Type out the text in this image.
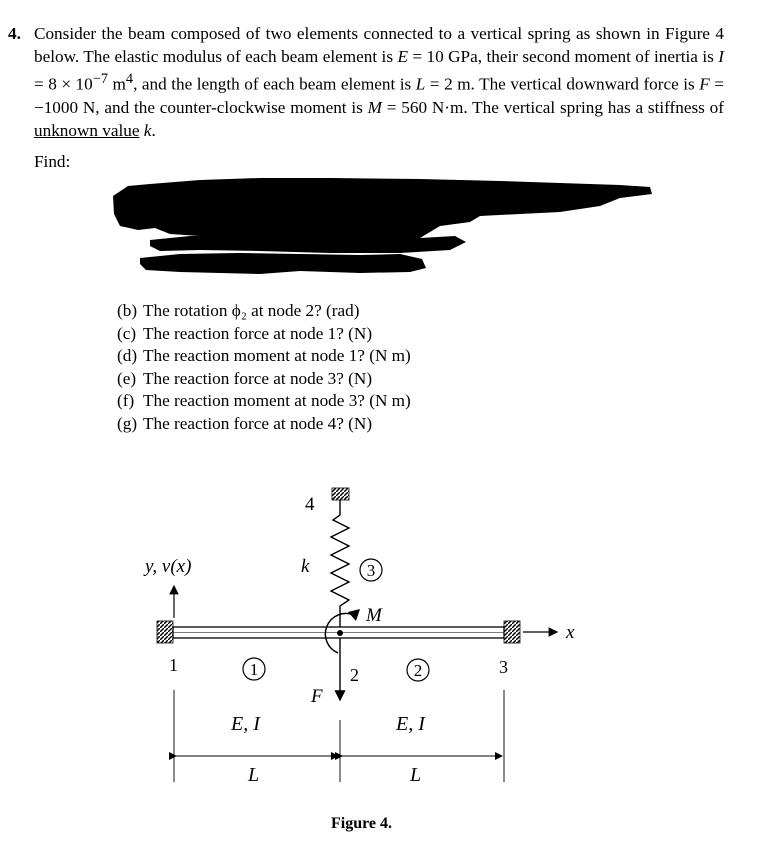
4. Consider the beam composed of two elements connected to a vertical spring as shown in Figure 4 below. The elastic modulus of each beam element is E = 10 GPa, their second moment of inertia is $I = 8 \times 10^{-7}$ $m^4$, and the length of each beam element is L = 2 m. The vertical downward force is F = −1000 N, and the counter-clockwise moment is M = 560 N·m. The vertical spring has a stiffness of unknown value k.

Find:
(b) The rotation ϕ₂ at node 2? (rad)
(c) The reaction force at node 1? (N)
(d) The reaction moment at node 1? (N m)
(e) The reaction force at node 3? (N)
(f) The reaction moment at node 3? (N m)
(g) The reaction force at node 4? (N)
y, v(x)
x
4
k	3
M
F
1	2	3
1	2
E, I	E, I
L	L
Figure 4.
